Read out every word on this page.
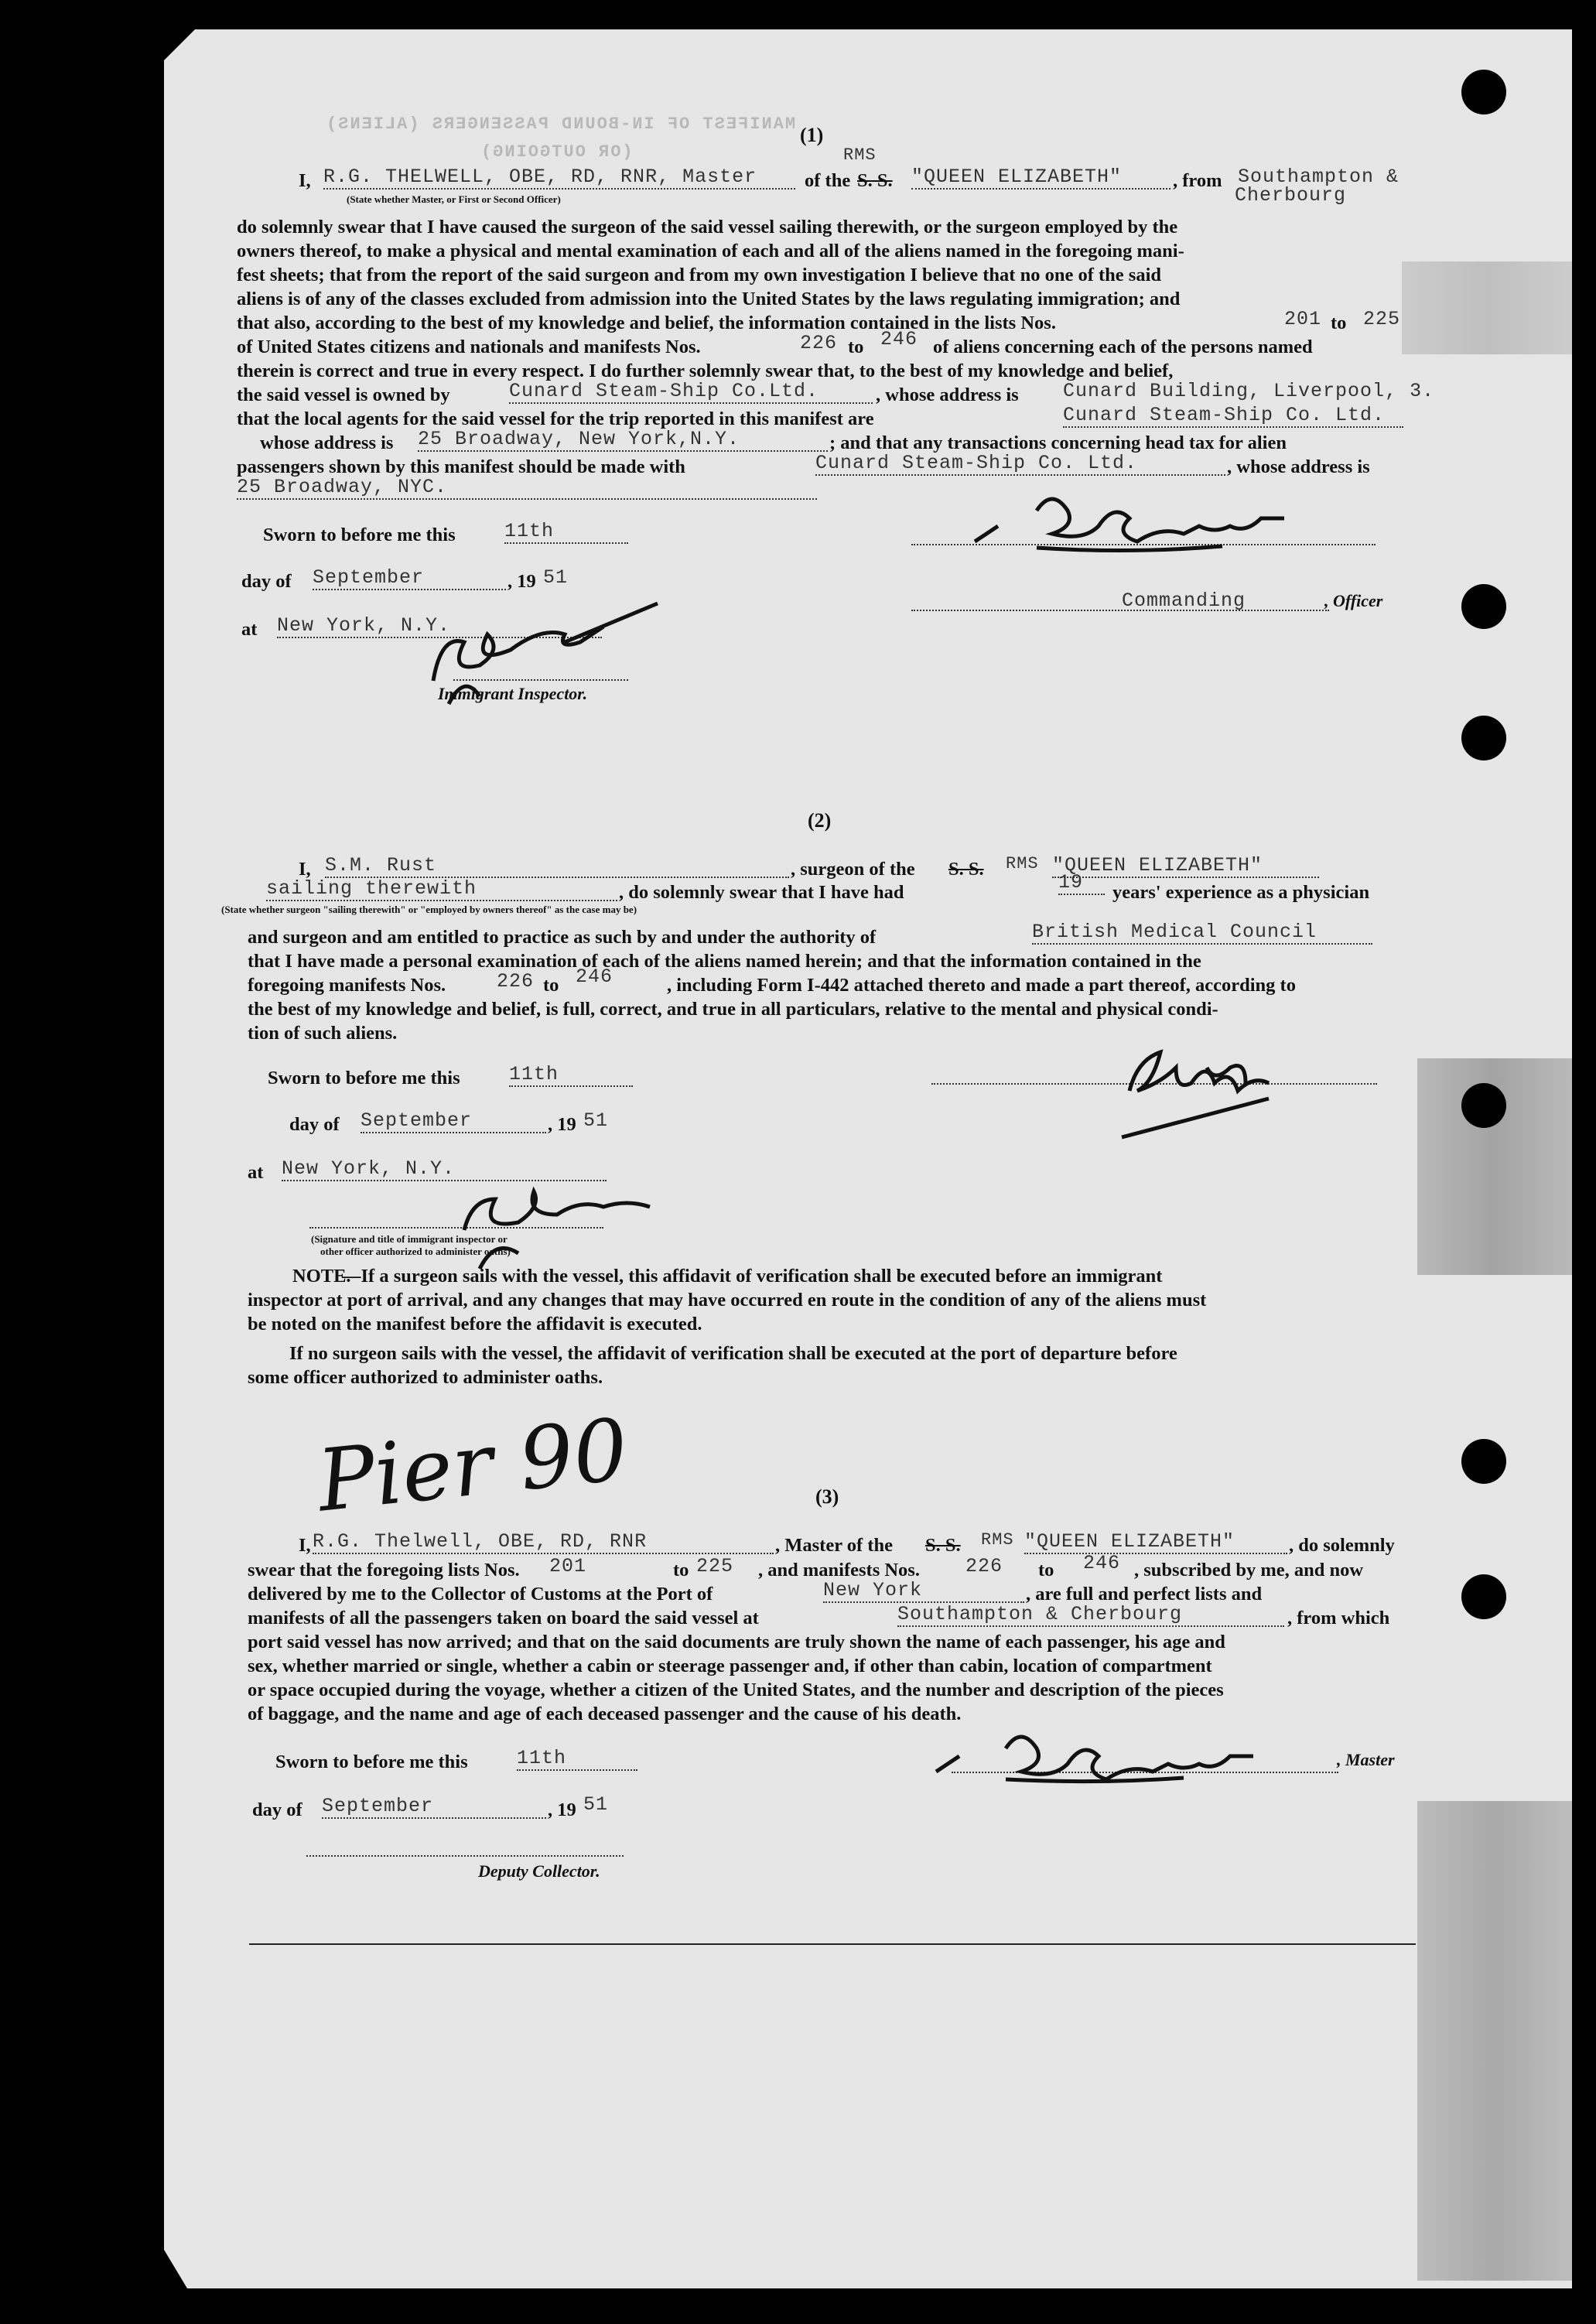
MANIFEST OF IN-BOUND PASSENGERS (ALIENS)
(OR OUTGOING)
(1)
I, R.G. THELWELL, OBE, RD, RNR, Master
(State whether Master, or First or Second Officer)
of the S. S.
RMS
"QUEEN ELIZABETH"	, from Southampton &
Cherbourg
do solemnly swear that I have caused the surgeon of the said vessel sailing therewith, or the surgeon employed by the
owners thereof, to make a physical and mental examination of each and all of the aliens named in the foregoing mani-
fest sheets; that from the report of the said surgeon and from my own investigation I believe that no one of the said
aliens is of any of the classes excluded from admission into the United States by the laws regulating immigration; and
that also, according to the best of my knowledge and belief, the information contained in the lists Nos.	201 to 225
of United States citizens and nationals and manifests Nos.	226 to 246 of aliens concerning each of the persons named
therein is correct and true in every respect. I do further solemnly swear that, to the best of my knowledge and belief,
the said vessel is owned by	Cunard Steam-Ship Co.Ltd.	, whose address is Cunard Building, Liverpool, 3.
that the local agents for the said vessel for the trip reported in this manifest are	Cunard Steam-Ship Co. Ltd.
whose address is 25 Broadway, New York,N.Y.	; and that any transactions concerning head tax for alien
passengers shown by this manifest should be made with	Cunard Steam-Ship Co. Ltd.	, whose address is
25 Broadway, NYC.
Sworn to before me this	11th
day of September	, 19 51
at New York, N.Y.
Immigrant Inspector.
Commanding	, Officer
(2)
I, S.M. Rust	, surgeon of the S. S. RMS "QUEEN ELIZABETH"
sailing therewith
(State whether surgeon "sailing therewith" or "employed by owners thereof" as the case may be)
, do solemnly swear that I have had	19	years' experience as a physician
and surgeon and am entitled to practice as such by and under the authority of	British Medical Council
that I have made a personal examination of each of the aliens named herein; and that the information contained in the
foregoing manifests Nos.	226 to 246	, including Form I-442 attached thereto and made a part thereof, according to
the best of my knowledge and belief, is full, correct, and true in all particulars, relative to the mental and physical condi-
tion of such aliens.
Sworn to before me this	11th
day of September	, 19 51
at New York, N.Y.
(Signature and title of immigrant inspector or
other officer authorized to administer oaths)
NOTE.
—If a surgeon sails with the vessel, this affidavit of verification shall be executed before an immigrant
inspector at port of arrival, and any changes that may have occurred en route in the condition of any of the aliens must
be noted on the manifest before the affidavit is executed.
If no surgeon sails with the vessel, the affidavit of verification shall be executed at the port of departure before
some officer authorized to administer oaths.
Pier 90	(3)
I, R.G. Thelwell, OBE, RD, RNR	, Master of the S. S. RMS "QUEEN ELIZABETH"	, do solemnly
swear that the foregoing lists Nos. 201	to 225 , and manifests Nos. 226 to 246 , subscribed by me, and now
delivered by me to the Collector of Customs at the Port of	New York	, are full and perfect lists and
manifests of all the passengers taken on board the said vessel at	Southampton & Cherbourg	, from which
port said vessel has now arrived; and that on the said documents are truly shown the name of each passenger, his age and
sex, whether married or single, whether a cabin or steerage passenger and, if other than cabin, location of compartment
or space occupied during the voyage, whether a citizen of the United States, and the number and description of the pieces
of baggage, and the name and age of each deceased passenger and the cause of his death.
Sworn to before me this	11th
day of September	, 19 51
Deputy Collector.
, Master
